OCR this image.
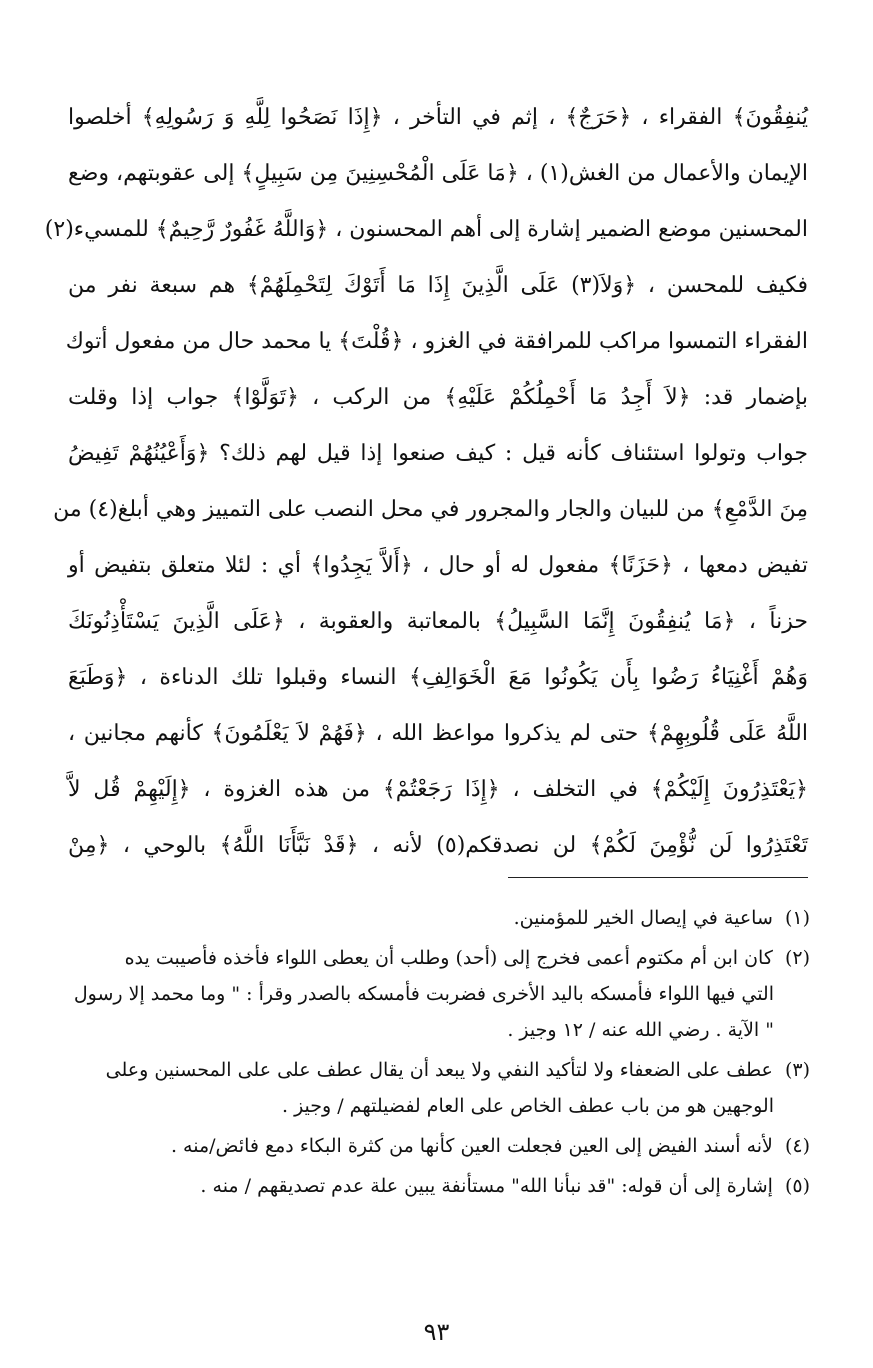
يُنفِقُونَ﴾ الفقراء ، ﴿حَرَجٌ﴾ ، إثم في التأخر ، ﴿إِذَا نَصَحُوا لِلَّهِ وَ رَسُولِهِ﴾ أخلصوا
الإيمان والأعمال من الغش(١) ، ﴿مَا عَلَى الْمُحْسِنِينَ مِن سَبِيلٍ﴾ إلى عقوبتهم، وضع
المحسنين موضع الضمير إشارة إلى أهم المحسنون ، ﴿وَاللَّهُ غَفُورٌ رَّحِيمٌ﴾ للمسيء(٢)
فكيف للمحسن ، ﴿وَلاَ(٣) عَلَى الَّذِينَ إِذَا مَا أَتَوْكَ لِتَحْمِلَهُمْ﴾ هم سبعة نفر من
الفقراء التمسوا مراكب للمرافقة في الغزو ، ﴿قُلْتَ﴾ يا محمد حال من مفعول أتوك
بإضمار قد: ﴿لاَ أَجِدُ مَا أَحْمِلُكُمْ عَلَيْهِ﴾ من الركب ، ﴿تَوَلَّوْا﴾ جواب إذا وقلت
جواب وتولوا استئناف كأنه قيل : كيف صنعوا إذا قيل لهم ذلك؟ ﴿وَأَعْيُنُهُمْ تَفِيضُ
مِنَ الدَّمْعِ﴾ من للبيان والجار والمجرور في محل النصب على التمييز وهي أبلغ(٤) من
تفيض دمعها ، ﴿حَزَنًا﴾ مفعول له أو حال ، ﴿أَلاَّ يَجِدُوا﴾ أي : لئلا متعلق بتفيض أو
حزناً ، ﴿مَا يُنفِقُونَ إِنَّمَا السَّبِيلُ﴾ بالمعاتبة والعقوبة ، ﴿عَلَى الَّذِينَ يَسْتَأْذِنُونَكَ
وَهُمْ أَغْنِيَاءُ رَضُوا بِأَن يَكُونُوا مَعَ الْخَوَالِفِ﴾ النساء وقبلوا تلك الدناءة ، ﴿وَطَبَعَ
اللَّهُ عَلَى قُلُوبِهِمْ﴾ حتى لم يذكروا مواعظ الله ، ﴿فَهُمْ لاَ يَعْلَمُونَ﴾ كأنهم مجانين ،
﴿يَعْتَذِرُونَ إِلَيْكُمْ﴾ في التخلف ، ﴿إِذَا رَجَعْتُمْ﴾ من هذه الغزوة ، ﴿إِلَيْهِمْ قُل لاَّ
تَعْتَذِرُوا لَن نُّؤْمِنَ لَكُمْ﴾ لن نصدقكم(٥) لأنه ، ﴿قَدْ نَبَّأَنَا اللَّهُ﴾ بالوحي ، ﴿مِنْ
(١) ساعية في إيصال الخير للمؤمنين.
(٢) كان ابن أم مكتوم أعمى فخرج إلى (أحد) وطلب أن يعطى اللواء فأخذه فأصيبت يده
التي فيها اللواء فأمسكه باليد الأخرى فضربت فأمسكه بالصدر وقرأ : " وما محمد إلا رسول " الآية . رضي الله عنه / ١٢ وجيز .
(٣) عطف على الضعفاء ولا لتأكيد النفي ولا يبعد أن يقال عطف على على المحسنين وعلى
الوجهين هو من باب عطف الخاص على العام لفضيلتهم / وجيز .
(٤) لأنه أسند الفيض إلى العين فجعلت العين كأنها من كثرة البكاء دمع فائض/منه .
(٥) إشارة إلى أن قوله: "قد نبأنا الله" مستأنفة يبين علة عدم تصديقهم / منه .
٩٣
